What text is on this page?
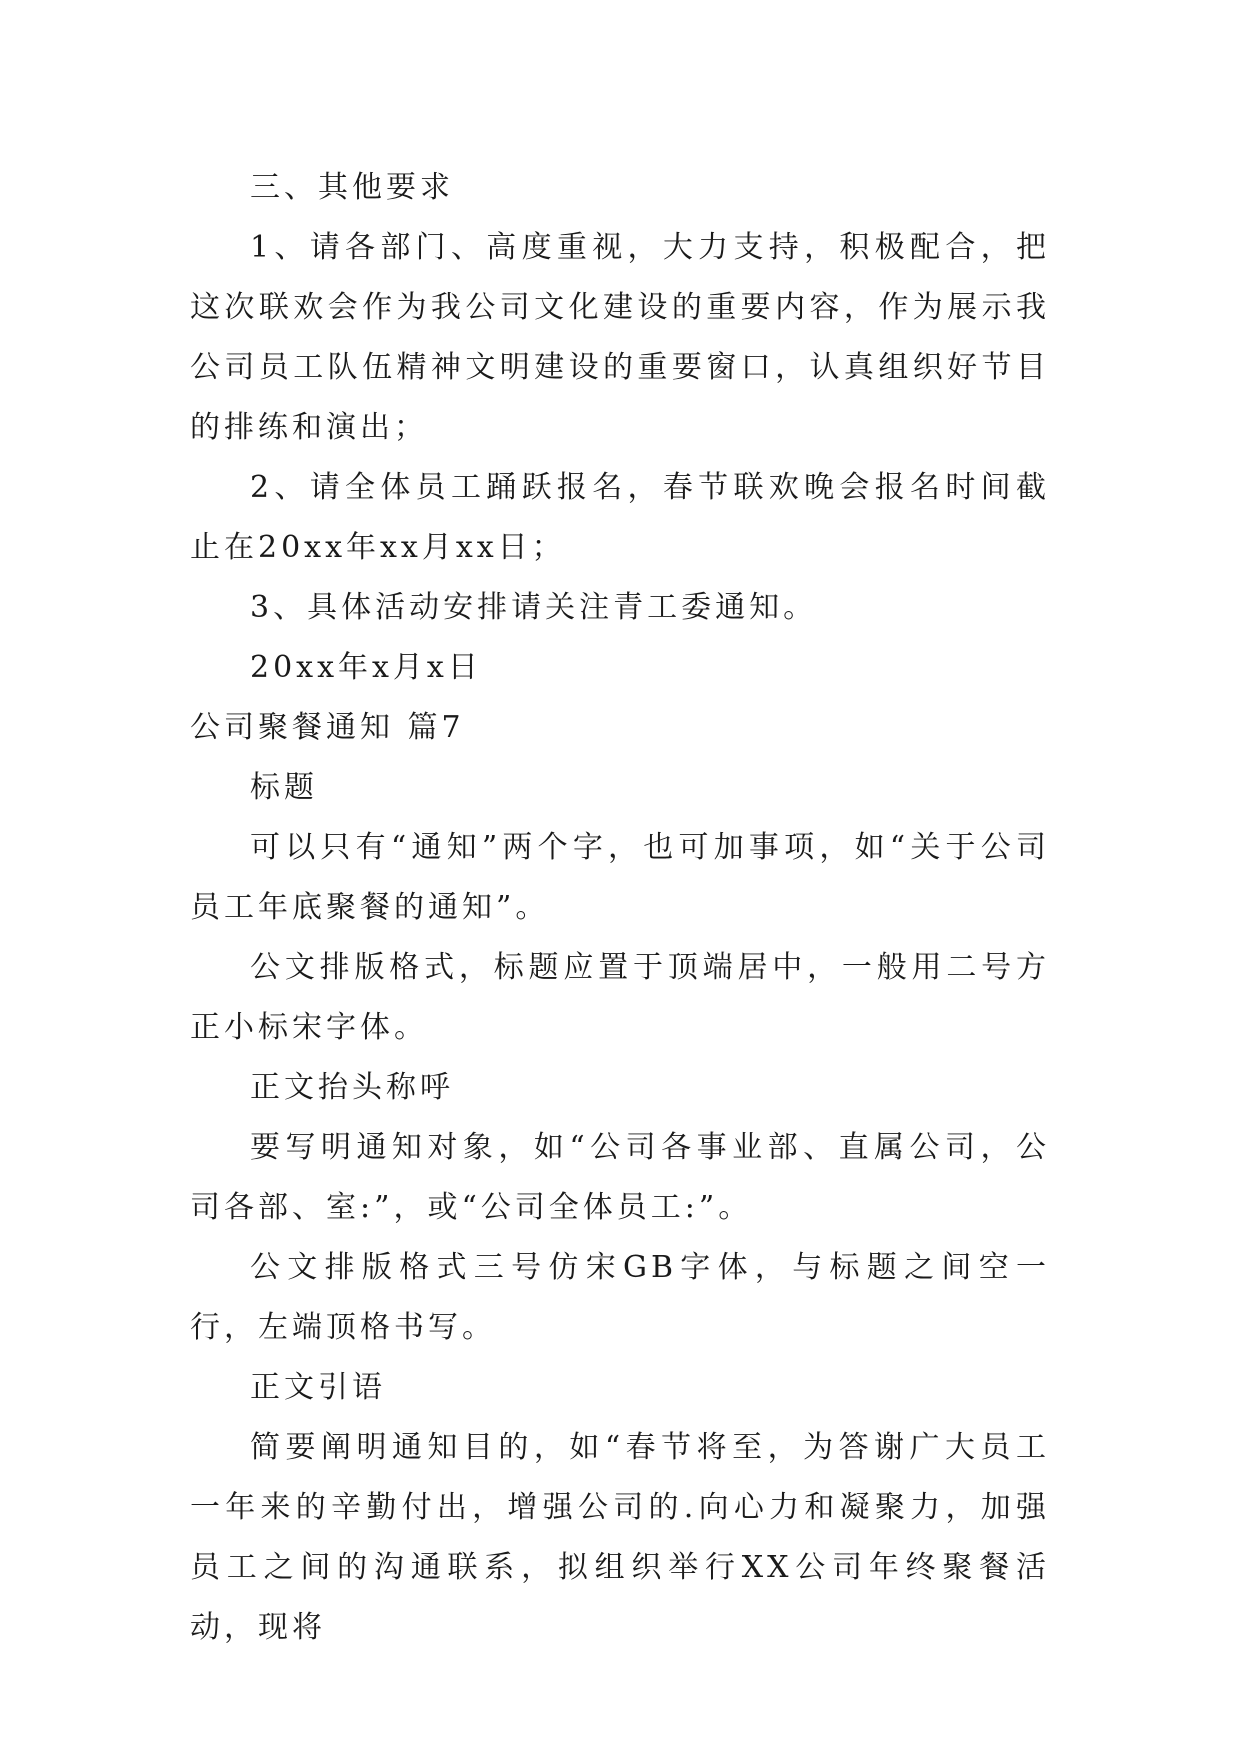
三、其他要求

1、请各部门、高度重视，大力支持，积极配合，把这次联欢会作为我公司文化建设的重要内容，作为展示我公司员工队伍精神文明建设的重要窗口，认真组织好节目的排练和演出；

2、请全体员工踊跃报名，春节联欢晚会报名时间截止在20xx年xx月xx日；

3、具体活动安排请关注青工委通知。

20xx年x月x日

公司聚餐通知 篇7

标题

可以只有“通知”两个字，也可加事项，如“关于公司员工年底聚餐的通知”。

公文排版格式，标题应置于顶端居中，一般用二号方正小标宋字体。

正文抬头称呼

要写明通知对象，如“公司各事业部、直属公司，公司各部、室:”，或“公司全体员工:”。

公文排版格式三号仿宋GB字体，与标题之间空一行，左端顶格书写。

正文引语

简要阐明通知目的，如“春节将至，为答谢广大员工一年来的辛勤付出，增强公司的.向心力和凝聚力，加强员工之间的沟通联系，拟组织举行XX公司年终聚餐活动，现将
